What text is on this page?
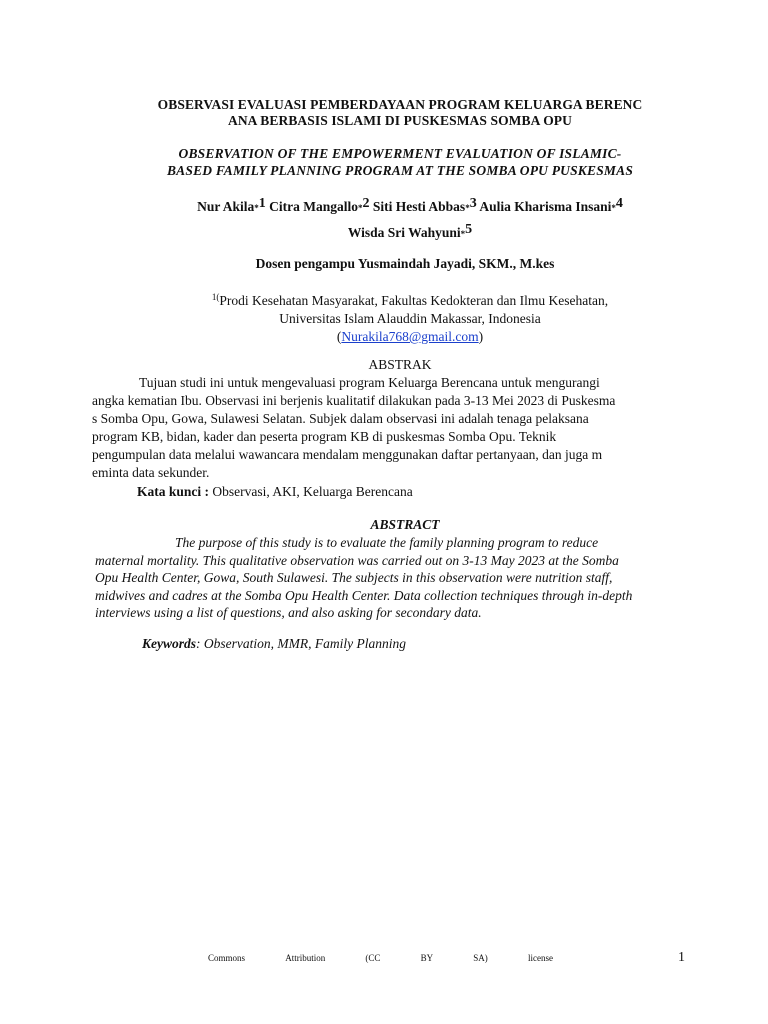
OBSERVASI EVALUASI PEMBERDAYAAN PROGRAM KELUARGA BERENC
ANA BERBASIS ISLAMI DI PUSKESMAS SOMBA OPU
OBSERVATION OF THE EMPOWERMENT EVALUATION OF ISLAMIC-
BASED FAMILY PLANNING PROGRAM AT THE SOMBA OPU PUSKESMAS
Nur Akila*$^1$ Citra Mangallo*$^2$ Siti Hesti Abbas*$^3$ Aulia Kharisma Insani*$^4$
Wisda Sri Wahyuni*$^5$
Dosen pengampu Yusmaindah Jayadi, SKM., M.kes
$^{1(}$Prodi Kesehatan Masyarakat, Fakultas Kedokteran dan Ilmu Kesehatan,
Universitas Islam Alauddin Makassar, Indonesia
(Nurakila768@gmail.com)
ABSTRAK
Tujuan studi ini untuk mengevaluasi program Keluarga Berencana untuk mengurangi
angka kematian Ibu. Observasi ini berjenis kualitatif dilakukan pada 3-13 Mei 2023 di Puskesma
s Somba Opu, Gowa, Sulawesi Selatan. Subjek dalam observasi ini adalah tenaga pelaksana
program KB, bidan, kader dan peserta program KB di puskesmas Somba Opu. Teknik
pengumpulan data melalui wawancara mendalam menggunakan daftar pertanyaan, dan juga m
eminta data sekunder.
Kata kunci : Observasi, AKI, Keluarga Berencana
ABSTRACT
The purpose of this study is to evaluate the family planning program to reduce
maternal mortality. This qualitative observation was carried out on 3-13 May 2023 at the Somba
Opu Health Center, Gowa, South Sulawesi. The subjects in this observation were nutrition staff,
midwives and cadres at the Somba Opu Health Center. Data collection techniques through in-depth
interviews using a list of questions, and also asking for secondary data.
Keywords: Observation, MMR, Family Planning
Commons	Attribution	(CC	BY	SA)	license	1
